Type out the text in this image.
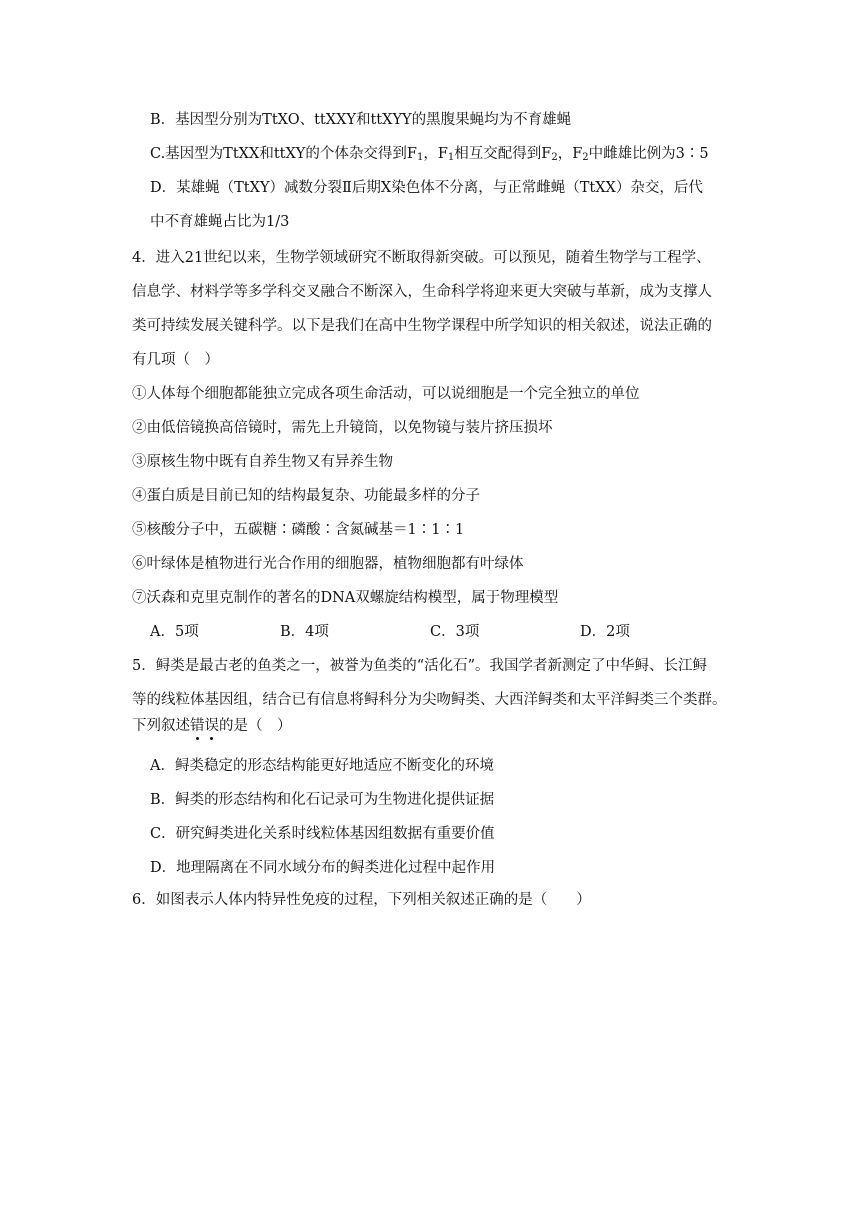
B．基因型分别为TtXO、ttXXY和ttXYY的黑腹果蝇均为不育雄蝇
C.基因型为TtXX和ttXY的个体杂交得到$F_1$，$F_1$相互交配得到$F_2$，$F_2$中雌雄比例为3∶5
D．某雄蝇（TtXY）减数分裂Ⅱ后期X染色体不分离，与正常雌蝇（TtXX）杂交，后代
中不育雄蝇占比为1/3
4．进入21世纪以来，生物学领域研究不断取得新突破。可以预见，随着生物学与工程学、
信息学、材料学等多学科交叉融合不断深入，生命科学将迎来更大突破与革新，成为支撑人
类可持续发展关键科学。以下是我们在高中生物学课程中所学知识的相关叙述，说法正确的
有几项（　）
①人体每个细胞都能独立完成各项生命活动，可以说细胞是一个完全独立的单位
②由低倍镜换高倍镜时，需先上升镜筒，以免物镜与装片挤压损坏
③原核生物中既有自养生物又有异养生物
④蛋白质是目前已知的结构最复杂、功能最多样的分子
⑤核酸分子中，五碳糖∶磷酸∶含氮碱基＝1∶1∶1
⑥叶绿体是植物进行光合作用的细胞器，植物细胞都有叶绿体
⑦沃森和克里克制作的著名的DNA双螺旋结构模型，属于物理模型
A．5项	B．4项	C．3项	D．2项
5．鲟类是最古老的鱼类之一，被誉为鱼类的“活化石”。我国学者新测定了中华鲟、长江鲟
等的线粒体基因组，结合已有信息将鲟科分为尖吻鲟类、大西洋鲟类和太平洋鲟类三个类群。
下列叙述错误的是（　）
A．鲟类稳定的形态结构能更好地适应不断变化的环境
B．鲟类的形态结构和化石记录可为生物进化提供证据
C．研究鲟类进化关系时线粒体基因组数据有重要价值
D．地理隔离在不同水域分布的鲟类进化过程中起作用
6．如图表示人体内特异性免疫的过程，下列相关叙述正确的是（　　）
